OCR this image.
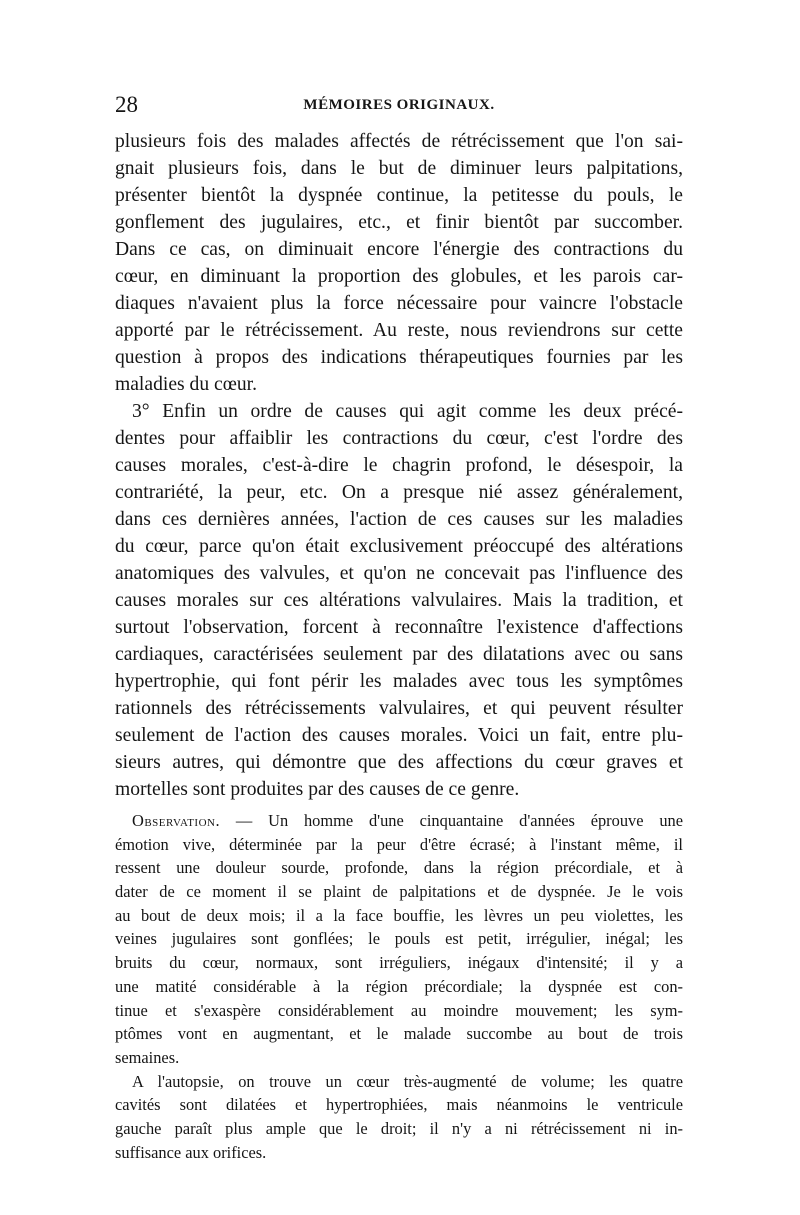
28	MÉMOIRES ORIGINAUX.
plusieurs fois des malades affectés de rétrécissement que l'on sai-
gnait plusieurs fois, dans le but de diminuer leurs palpitations,
présenter bientôt la dyspnée continue, la petitesse du pouls, le
gonflement des jugulaires, etc., et finir bientôt par succomber.
Dans ce cas, on diminuait encore l'énergie des contractions du
cœur, en diminuant la proportion des globules, et les parois car-
diaques n'avaient plus la force nécessaire pour vaincre l'obstacle
apporté par le rétrécissement. Au reste, nous reviendrons sur cette
question à propos des indications thérapeutiques fournies par les
maladies du cœur.
3° Enfin un ordre de causes qui agit comme les deux précé-
dentes pour affaiblir les contractions du cœur, c'est l'ordre des
causes morales, c'est-à-dire le chagrin profond, le désespoir, la
contrariété, la peur, etc. On a presque nié assez généralement,
dans ces dernières années, l'action de ces causes sur les maladies
du cœur, parce qu'on était exclusivement préoccupé des altérations
anatomiques des valvules, et qu'on ne concevait pas l'influence des
causes morales sur ces altérations valvulaires. Mais la tradition, et
surtout l'observation, forcent à reconnaître l'existence d'affections
cardiaques, caractérisées seulement par des dilatations avec ou sans
hypertrophie, qui font périr les malades avec tous les symptômes
rationnels des rétrécissements valvulaires, et qui peuvent résulter
seulement de l'action des causes morales. Voici un fait, entre plu-
sieurs autres, qui démontre que des affections du cœur graves et
mortelles sont produites par des causes de ce genre.
Observation. — Un homme d'une cinquantaine d'années éprouve une
émotion vive, déterminée par la peur d'être écrasé; à l'instant même, il
ressent une douleur sourde, profonde, dans la région précordiale, et à
dater de ce moment il se plaint de palpitations et de dyspnée. Je le vois
au bout de deux mois; il a la face bouffie, les lèvres un peu violettes, les
veines jugulaires sont gonflées; le pouls est petit, irrégulier, inégal; les
bruits du cœur, normaux, sont irréguliers, inégaux d'intensité; il y a
une matité considérable à la région précordiale; la dyspnée est con-
tinue et s'exaspère considérablement au moindre mouvement; les sym-
ptômes vont en augmentant, et le malade succombe au bout de trois
semaines.
A l'autopsie, on trouve un cœur très-augmenté de volume; les quatre
cavités sont dilatées et hypertrophiées, mais néanmoins le ventricule
gauche paraît plus ample que le droit; il n'y a ni rétrécissement ni in-
suffisance aux orifices.
